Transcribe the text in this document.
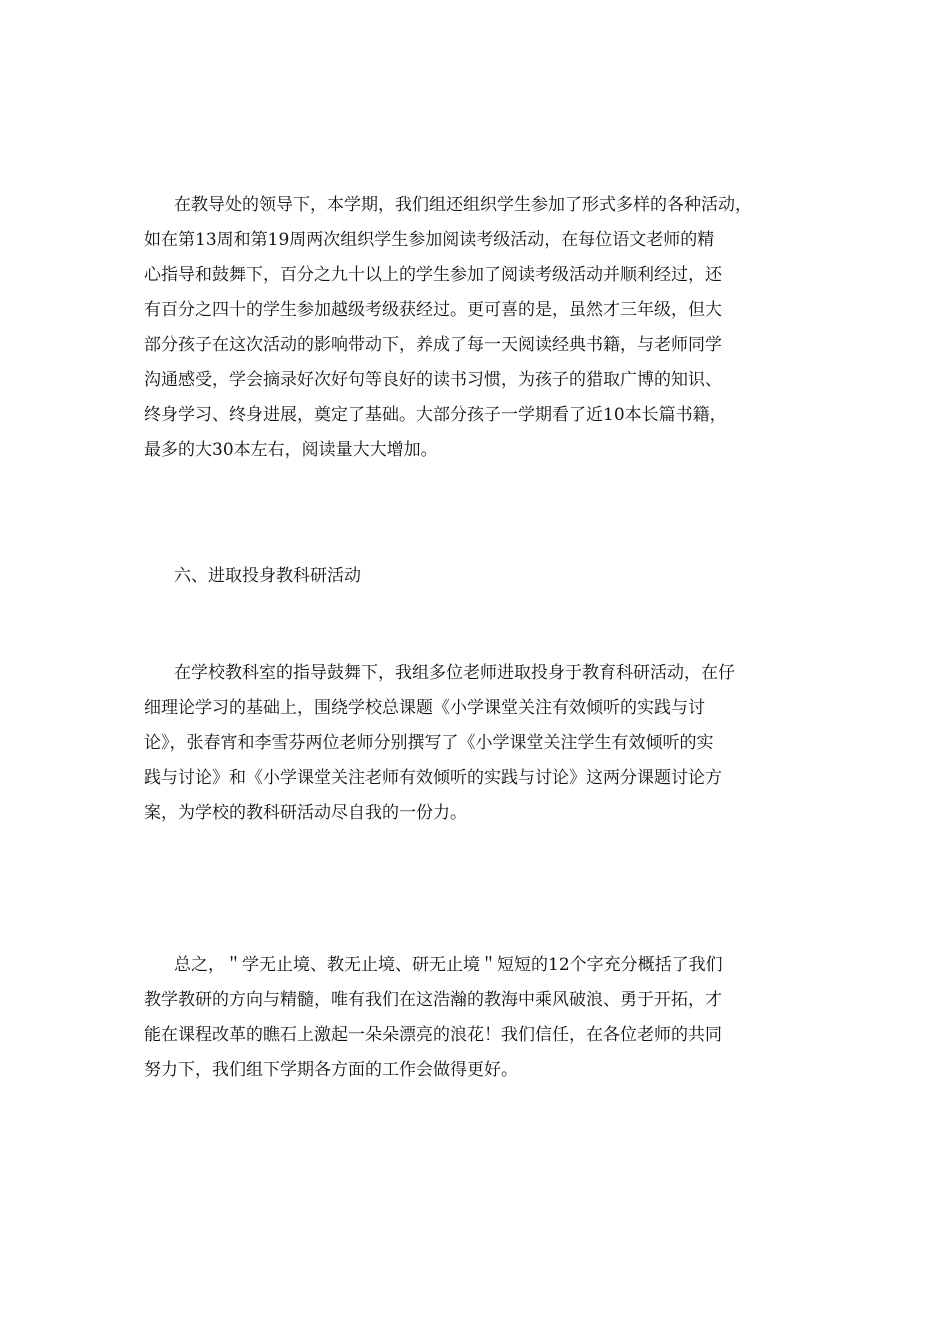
在教导处的领导下，本学期，我们组还组织学生参加了形式多样的各种活动，
如在第13周和第19周两次组织学生参加阅读考级活动，在每位语文老师的精
心指导和鼓舞下，百分之九十以上的学生参加了阅读考级活动并顺利经过，还
有百分之四十的学生参加越级考级获经过。更可喜的是，虽然才三年级，但大
部分孩子在这次活动的影响带动下，养成了每一天阅读经典书籍，与老师同学
沟通感受，学会摘录好次好句等良好的读书习惯，为孩子的猎取广博的知识、
终身学习、终身进展，奠定了基础。大部分孩子一学期看了近10本长篇书籍，
最多的大30本左右，阅读量大大增加。
六、进取投身教科研活动
在学校教科室的指导鼓舞下，我组多位老师进取投身于教育科研活动，在仔
细理论学习的基础上，围绕学校总课题《小学课堂关注有效倾听的实践与讨
论》，张春宵和李雪芬两位老师分别撰写了《小学课堂关注学生有效倾听的实
践与讨论》和《小学课堂关注老师有效倾听的实践与讨论》这两分课题讨论方
案，为学校的教科研活动尽自我的一份力。
总之，＂学无止境、教无止境、研无止境＂短短的12个字充分概括了我们
教学教研的方向与精髓，唯有我们在这浩瀚的教海中乘风破浪、勇于开拓，才
能在课程改革的瞧石上激起一朵朵漂亮的浪花！我们信任，在各位老师的共同
努力下，我们组下学期各方面的工作会做得更好。
